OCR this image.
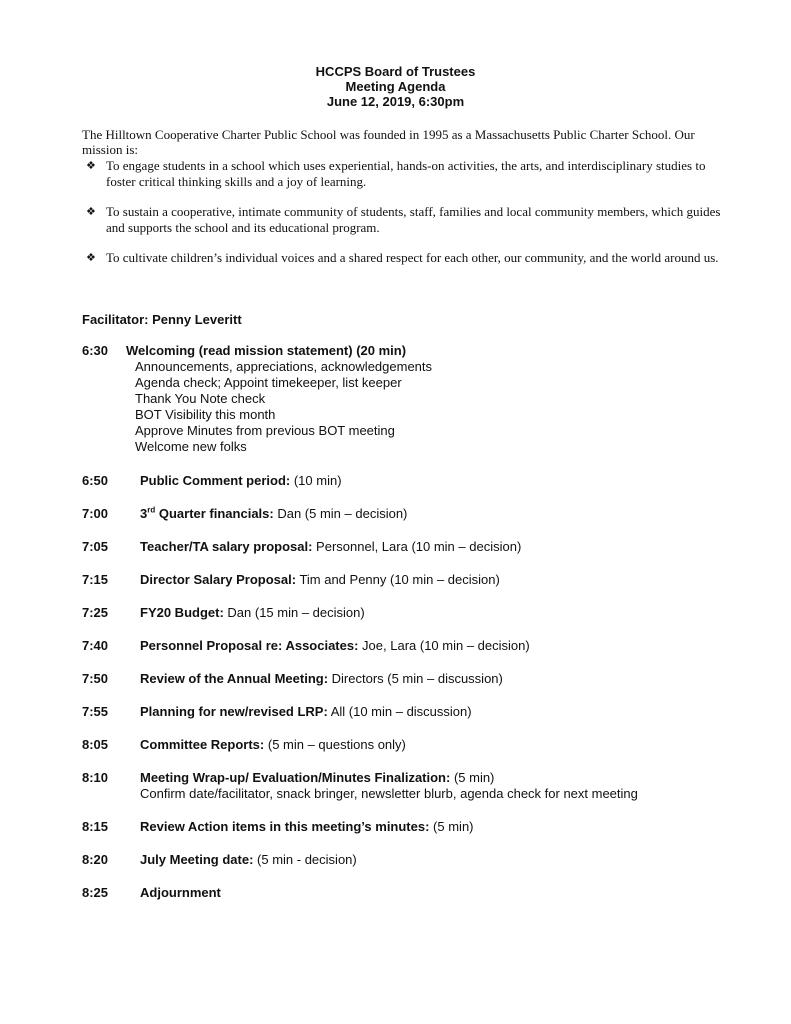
HCCPS Board of Trustees
Meeting Agenda
June 12, 2019, 6:30pm
The Hilltown Cooperative Charter Public School was founded in 1995 as a Massachusetts Public Charter School. Our mission is:
❖ To engage students in a school which uses experiential, hands-on activities, the arts, and interdisciplinary studies to foster critical thinking skills and a joy of learning.
❖ To sustain a cooperative, intimate community of students, staff, families and local community members, which guides and supports the school and its educational program.
❖ To cultivate children’s individual voices and a shared respect for each other, our community, and the world around us.
Facilitator: Penny Leveritt
6:30	Welcoming (read mission statement) (20 min)
Announcements, appreciations, acknowledgements
Agenda check; Appoint timekeeper, list keeper
Thank You Note check
BOT Visibility this month
Approve Minutes from previous BOT meeting
Welcome new folks
6:50	Public Comment period: (10 min)
7:00	3rd Quarter financials: Dan (5 min – decision)
7:05	Teacher/TA salary proposal: Personnel, Lara (10 min – decision)
7:15	Director Salary Proposal: Tim and Penny (10 min – decision)
7:25	FY20 Budget: Dan (15 min – decision)
7:40	Personnel Proposal re: Associates: Joe, Lara (10 min – decision)
7:50	Review of the Annual Meeting: Directors (5 min – discussion)
7:55	Planning for new/revised LRP: All (10 min – discussion)
8:05	Committee Reports: (5 min – questions only)
8:10	Meeting Wrap-up/ Evaluation/Minutes Finalization: (5 min)
Confirm date/facilitator, snack bringer, newsletter blurb, agenda check for next meeting
8:15	Review Action items in this meeting’s minutes: (5 min)
8:20	July Meeting date: (5 min - decision)
8:25	Adjournment
